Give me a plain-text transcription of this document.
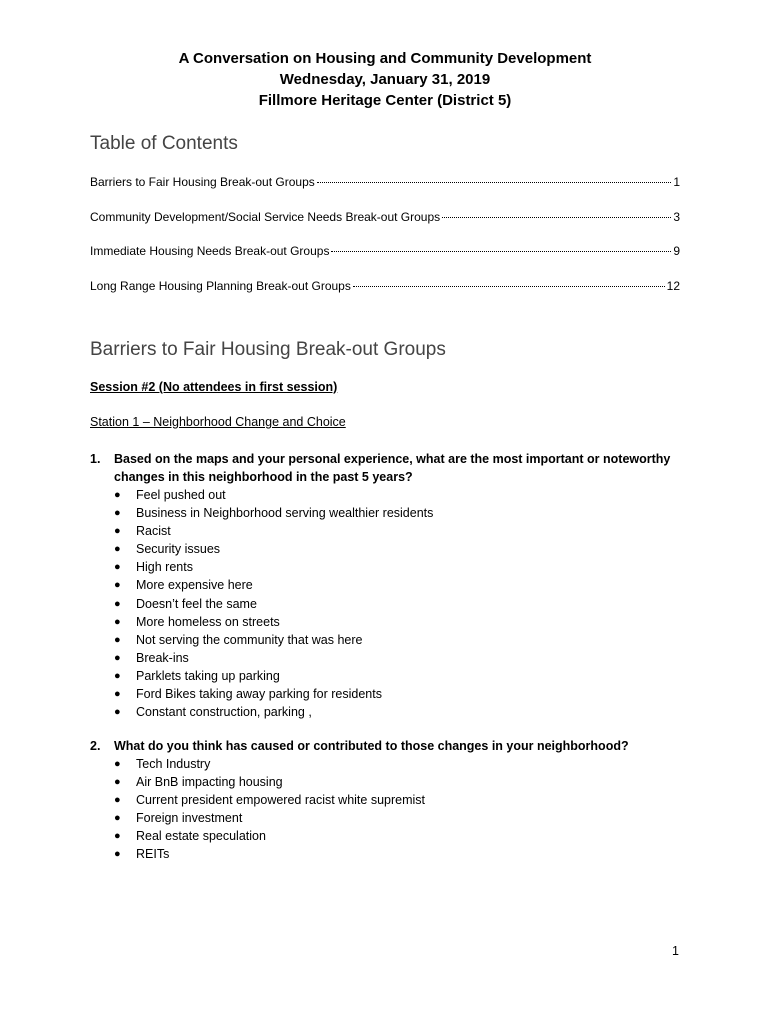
A Conversation on Housing and Community Development
Wednesday, January 31, 2019
Fillmore Heritage Center (District 5)
Table of Contents
Barriers to Fair Housing Break-out Groups	1
Community Development/Social Service Needs Break-out Groups	3
Immediate Housing Needs Break-out Groups	9
Long Range Housing Planning Break-out Groups	12
Barriers to Fair Housing Break-out Groups
Session #2 (No attendees in first session)
Station 1 – Neighborhood Change and Choice
1.	Based on the maps and your personal experience, what are the most important or noteworthy changes in this neighborhood in the past 5 years?
●	Feel pushed out
●	Business in Neighborhood serving wealthier residents
●	Racist
●	Security issues
●	High rents
●	More expensive here
●	Doesn’t feel the same
●	More homeless on streets
●	Not serving the community that was here
●	Break-ins
●	Parklets taking up parking
●	Ford Bikes taking away parking for residents
●	Constant construction, parking ,
2.	What do you think has caused or contributed to those changes in your neighborhood?
●	Tech Industry
●	Air BnB impacting housing
●	Current president empowered racist white supremist
●	Foreign investment
●	Real estate speculation
●	REITs
1
